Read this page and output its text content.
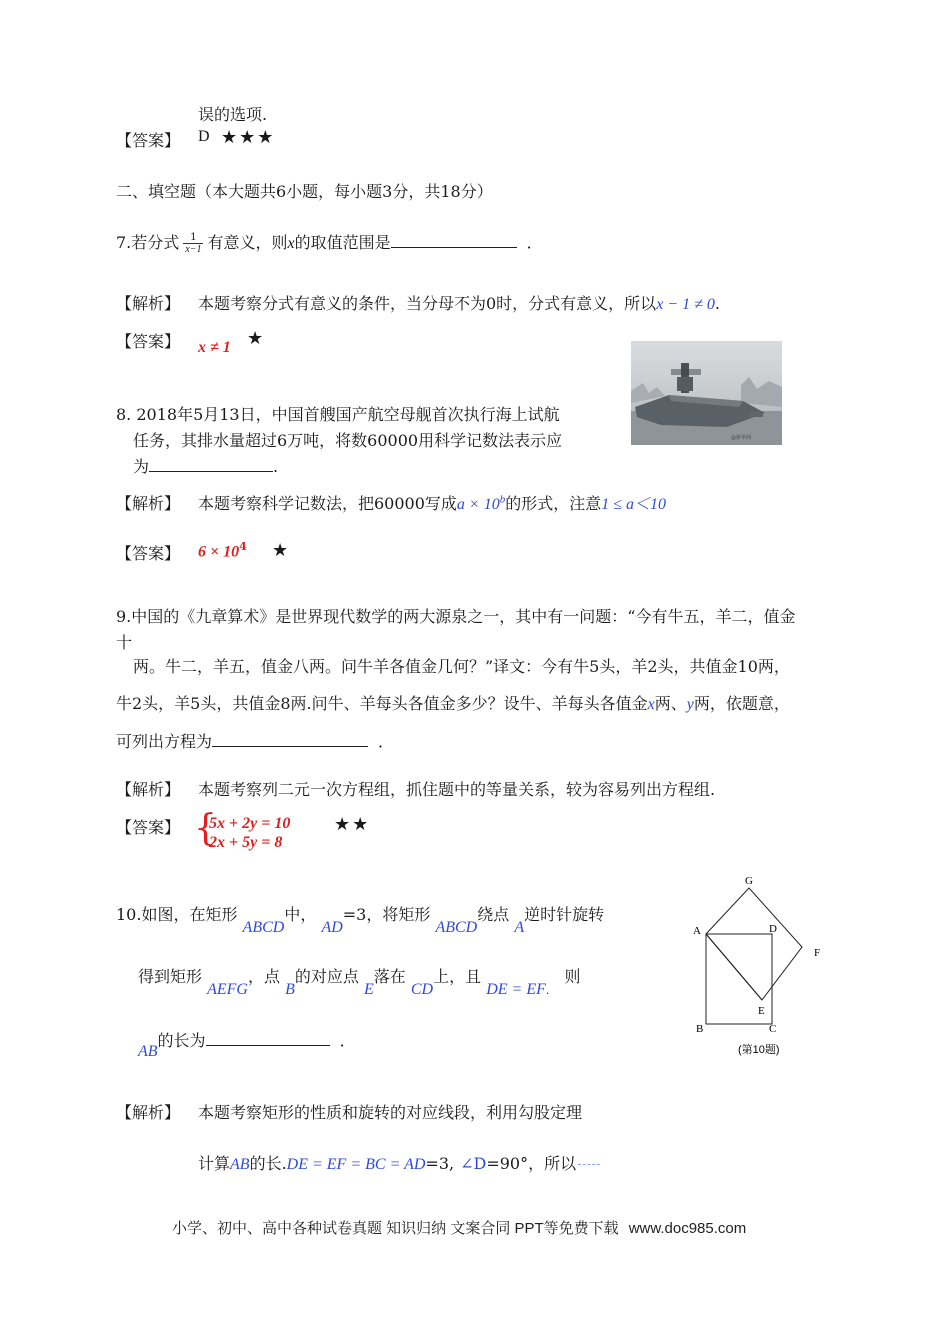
误的选项.
【答案】 D ★★★
二、填空题（本大题共6小题，每小题3分，共18分）
7.若分式 $\frac{1}{x-1}$ 有意义，则x的取值范围是	．
【解析】 本题考察分式有意义的条件，当分母不为0时，分式有意义，所以x − 1 ≠ 0.
【答案】 x ≠ 1 ★
@新华网
8. 2018年5月13日，中国首艘国产航空母舰首次执行海上试航
任务，其排水量超过6万吨，将数60000用科学记数法表示应
为	.
【解析】 本题考察科学记数法，把60000写成$a \times 10^b$的形式，注意1 ≤ a＜10
【答案】 $6 \times 10^4$ ★
9.中国的《九章算术》是世界现代数学的两大源泉之一，其中有一问题：“今有牛五，羊二，值金
十
两。牛二，羊五，值金八两。问牛羊各值金几何？”译文：今有牛5头，羊2头，共值金10两，
牛2头，羊5头，共值金8两.问牛、羊每头各值金多少？设牛、羊每头各值金x两、y两，依题意，
可列出方程为	．
【解析】 本题考察列二元一次方程组，抓住题中的等量关系，较为容易列出方程组.
【答案】 {
5x + 2y = 10
2x + 5y = 8
★★
10.如图，在矩形 ABCD中， AD=3，将矩形 ABCD绕点 A逆时针旋转
得到矩形 AEFG，点 B的对应点 E落在 CD上，且 DE = $EF_.$ 则
AB的长为	．
G
A	D
F
E
B	C
(第10题)
【解析】 本题考察矩形的性质和旋转的对应线段，利用勾股定理
计算AB的长.DE = EF = BC = AD=3, ∠D=90°，所以
小学、初中、高中各种试卷真题 知识归纳 文案合同 PPT等免费下载 www.doc985.com
